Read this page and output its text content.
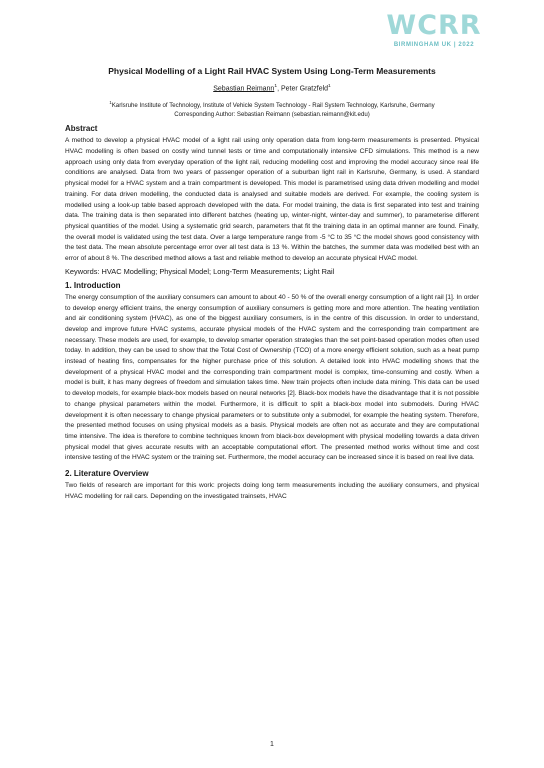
WCRR
BIRMINGHAM UK | 2022
Physical Modelling of a Light Rail HVAC System Using Long-Term Measurements
Sebastian Reimann$^1$, Peter Gratzfeld$^1$
$^1$Karlsruhe Institute of Technology, Institute of Vehicle System Technology - Rail System Technology, Karlsruhe, Germany
Corresponding Author: Sebastian Reimann (sebastian.reimann@kit.edu)
Abstract

A method to develop a physical HVAC model of a light rail using only operation data from long-term measurements is presented. Physical HVAC modelling is often based on costly wind tunnel tests or time and computationally intensive CFD simulations. This method is a new approach using only data from everyday operation of the light rail, reducing modelling cost and improving the model accuracy since real life conditions are analysed. Data from two years of passenger operation of a suburban light rail in Karlsruhe, Germany, is used. A standard physical model for a HVAC system and a train compartment is developed. This model is parametrised using data driven modelling and model training. For data driven modelling, the conducted data is analysed and suitable models are derived. For example, the cooling system is modelled using a look-up table based approach developed with the data. For model training, the data is first separated into test and training data. The training data is then separated into different batches (heating up, winter-night, winter-day and summer), to parameterise different physical quantities of the model. Using a systematic grid search, parameters that fit the training data in an optimal manner are found. Finally, the overall model is validated using the test data. Over a large temperature range from -5 °C to 35 °C the model shows good consistency with the test data. The mean absolute percentage error over all test data is 13 %. Within the batches, the summer data was modelled best with an error of about 8 %. The described method allows a fast and reliable method to develop an accurate physical HVAC model.

Keywords: HVAC Modelling; Physical Model; Long-Term Measurements; Light Rail
1. Introduction

The energy consumption of the auxiliary consumers can amount to about 40 - 50 % of the overall energy consumption of a light rail [1]. In order to develop energy efficient trains, the energy consumption of auxiliary consumers is getting more and more attention. The heating ventilation and air conditioning system (HVAC), as one of the biggest auxiliary consumers, is in the centre of this discussion. In order to understand, develop and improve future HVAC systems, accurate physical models of the HVAC system and the corresponding train compartment are necessary. These models are used, for example, to develop smarter operation strategies than the set point-based operation modes often used today. In addition, they can be used to show that the Total Cost of Ownership (TCO) of a more energy efficient solution, such as a heat pump instead of heating fins, compensates for the higher purchase price of this solution. A detailed look into HVAC modelling shows that the development of a physical HVAC model and the corresponding train compartment model is complex, time-consuming and costly. When a model is built, it has many degrees of freedom and simulation takes time. New train projects often include data mining. This data can be used to develop models, for example black-box models based on neural networks [2]. Black-box models have the disadvantage that it is not possible to change physical parameters within the model. Furthermore, it is difficult to split a black-box model into submodels. During HVAC development it is often necessary to change physical parameters or to substitute only a submodel, for example the heating system. Therefore, the presented method focuses on using physical models as a basis. Physical models are often not as accurate and they are computational time intensive. The idea is therefore to combine techniques known from black-box development with physical modelling towards a data driven physical model that gives accurate results with an acceptable computational effort. The presented method works without time and cost intensive testing of the HVAC system or the training set. Furthermore, the model accuracy can be increased since it is based on real live data.

2. Literature Overview

Two fields of research are important for this work: projects doing long term measurements including the auxiliary consumers, and physical HVAC modelling for rail cars. Depending on the investigated trainsets, HVAC

1
